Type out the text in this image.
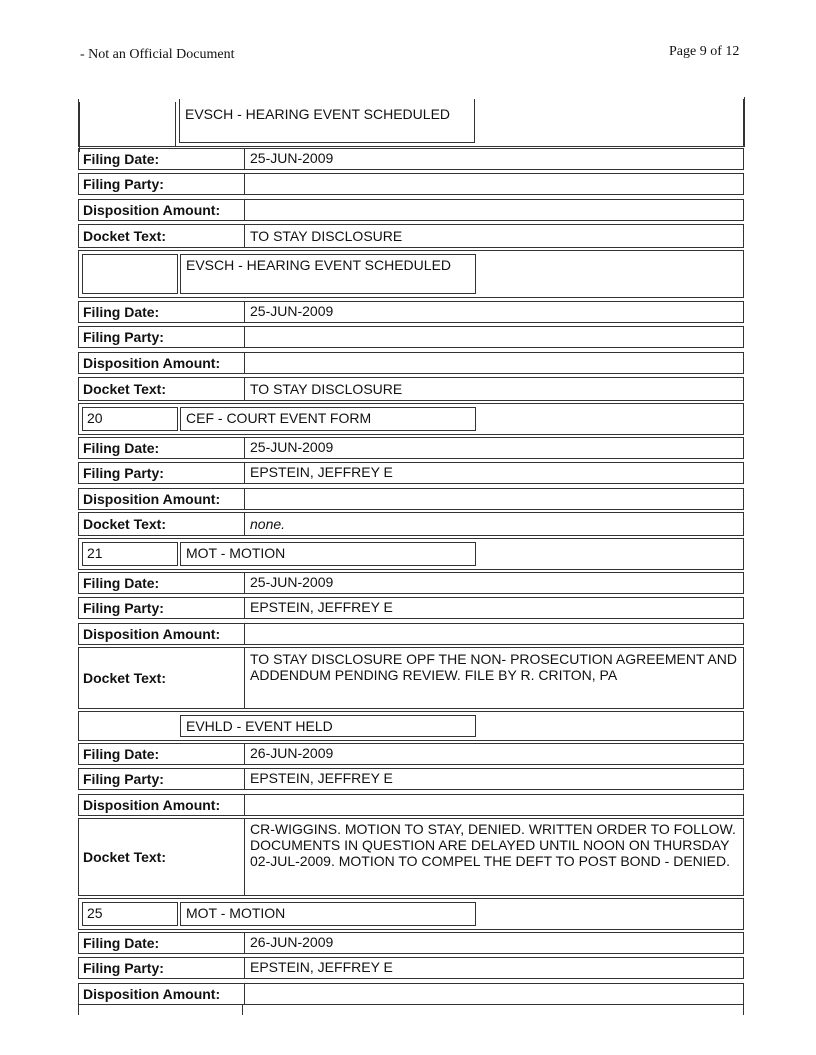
- Not an Official Document	Page 9 of 12
EVSCH - HEARING EVENT SCHEDULED
Filing Date:	25-JUN-2009
Filing Party:
Disposition Amount:
Docket Text:	TO STAY DISCLOSURE
EVSCH - HEARING EVENT SCHEDULED
Filing Date:	25-JUN-2009
Filing Party:
Disposition Amount:
Docket Text:	TO STAY DISCLOSURE
20	CEF - COURT EVENT FORM
Filing Date:	25-JUN-2009
Filing Party:	EPSTEIN, JEFFREY E
Disposition Amount:
Docket Text:	none.
21	MOT - MOTION
Filing Date:	25-JUN-2009
Filing Party:	EPSTEIN, JEFFREY E
Disposition Amount:
Docket Text:
TO STAY DISCLOSURE OPF THE NON- PROSECUTION AGREEMENT AND ADDENDUM PENDING REVIEW. FILE BY R. CRITON, PA
EVHLD - EVENT HELD
Filing Date:	26-JUN-2009
Filing Party:	EPSTEIN, JEFFREY E
Disposition Amount:
Docket Text:
CR-WIGGINS. MOTION TO STAY, DENIED. WRITTEN ORDER TO FOLLOW. DOCUMENTS IN QUESTION ARE DELAYED UNTIL NOON ON THURSDAY 02-JUL-2009. MOTION TO COMPEL THE DEFT TO POST BOND - DENIED.
25	MOT - MOTION
Filing Date:	26-JUN-2009
Filing Party:	EPSTEIN, JEFFREY E
Disposition Amount:
